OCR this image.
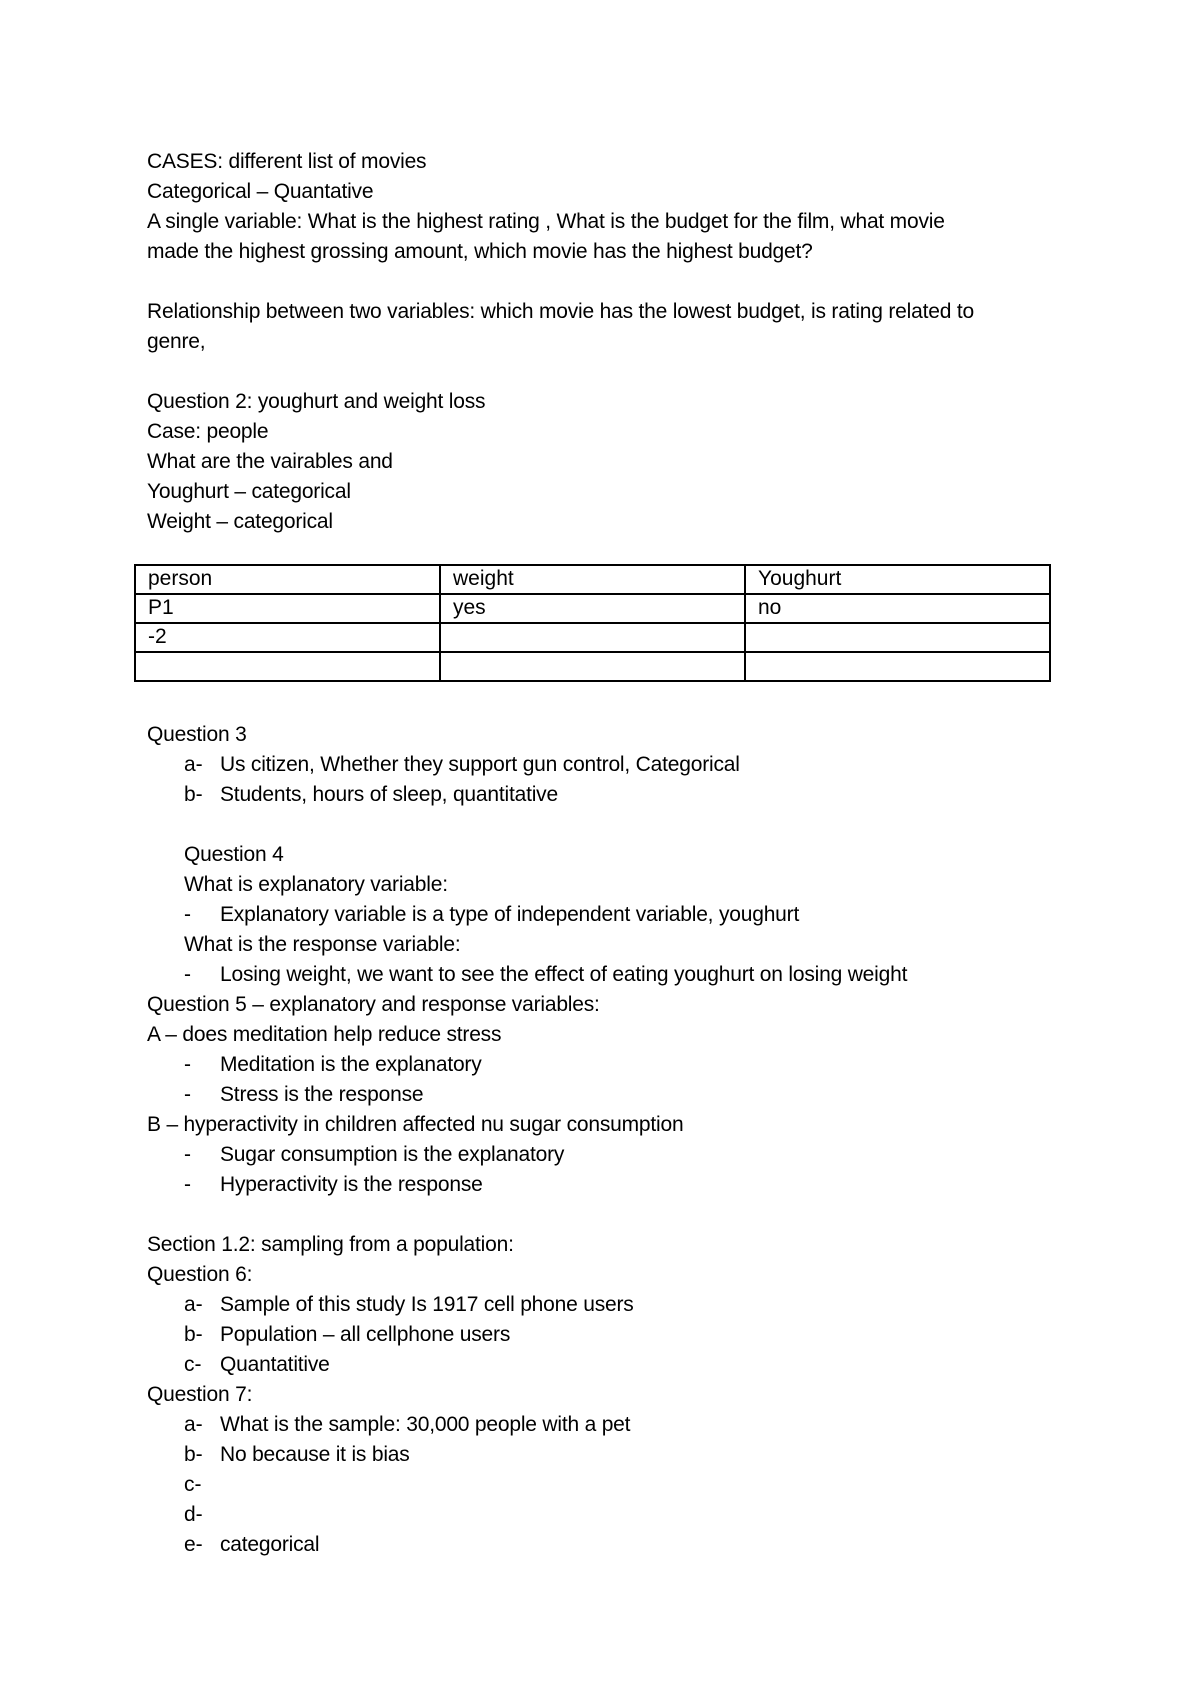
CASES: different list of movies
Categorical – Quantative
A single variable: What is the highest rating , What is the budget for the film, what movie
made the highest grossing amount, which movie has the highest budget?
Relationship between two variables: which movie has the lowest budget, is rating related to
genre,
Question 2: youghurt and weight loss
Case: people
What are the vairables and
Youghurt – categorical
Weight – categorical
person	weight	Youghurt
P1	yes	no
-2		

Question 3
a- Us citizen, Whether they support gun control, Categorical
b- Students, hours of sleep, quantitative
Question 4
What is explanatory variable:
- Explanatory variable is a type of independent variable, youghurt
What is the response variable:
- Losing weight, we want to see the effect of eating youghurt on losing weight
Question 5 – explanatory and response variables:
A – does meditation help reduce stress
- Meditation is the explanatory
- Stress is the response
B – hyperactivity in children affected nu sugar consumption
- Sugar consumption is the explanatory
- Hyperactivity is the response
Section 1.2: sampling from a population:
Question 6:
a- Sample of this study Is 1917 cell phone users
b- Population – all cellphone users
c- Quantatitive
Question 7:
a- What is the sample: 30,000 people with a pet
b- No because it is bias
c-
d-
e- categorical
